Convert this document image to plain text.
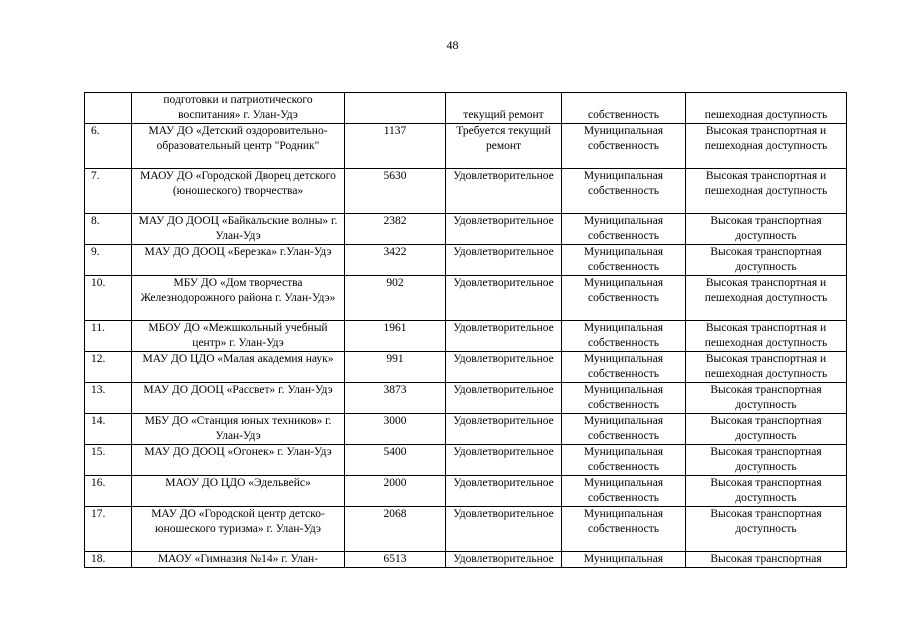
48
	подготовки и патриотического воспитания» г. Улан-Удэ		текущий ремонт	собственность	пешеходная доступность
6.	МАУ ДО «Детский оздоровительно-образовательный центр "Родник"	1137	Требуется текущий ремонт	Муниципальная собственность	Высокая транспортная и пешеходная доступность
7.	МАОУ ДО «Городской Дворец детского (юношеского) творчества»	5630	Удовлетворительное	Муниципальная собственность	Высокая транспортная и пешеходная доступность
8.	МАУ ДО ДООЦ «Байкальские волны» г. Улан-Удэ	2382	Удовлетворительное	Муниципальная собственность	Высокая транспортная доступность
9.	МАУ ДО ДООЦ «Березка» г.Улан-Удэ	3422	Удовлетворительное	Муниципальная собственность	Высокая транспортная доступность
10.	МБУ ДО «Дом творчества Железнодорожного района г. Улан-Удэ»	902	Удовлетворительное	Муниципальная собственность	Высокая транспортная и пешеходная доступность
11.	МБОУ ДО «Межшкольный учебный центр» г. Улан-Удэ	1961	Удовлетворительное	Муниципальная собственность	Высокая транспортная и пешеходная доступность
12.	МАУ ДО ЦДО «Малая академия наук»	991	Удовлетворительное	Муниципальная собственность	Высокая транспортная и пешеходная доступность
13.	МАУ ДО ДООЦ «Рассвет» г. Улан-Удэ	3873	Удовлетворительное	Муниципальная собственность	Высокая транспортная доступность
14.	МБУ ДО «Станция юных техников» г. Улан-Удэ	3000	Удовлетворительное	Муниципальная собственность	Высокая транспортная доступность
15.	МАУ ДО ДООЦ «Огонек» г. Улан-Удэ	5400	Удовлетворительное	Муниципальная собственность	Высокая транспортная доступность
16.	МАОУ ДО ЦДО «Эдельвейс»	2000	Удовлетворительное	Муниципальная собственность	Высокая транспортная доступность
17.	МАУ ДО «Городской центр детско-юношеского туризма» г. Улан-Удэ	2068	Удовлетворительное	Муниципальная собственность	Высокая транспортная доступность
18.	МАОУ «Гимназия №14» г. Улан-	6513	Удовлетворительное	Муниципальная	Высокая транспортная
